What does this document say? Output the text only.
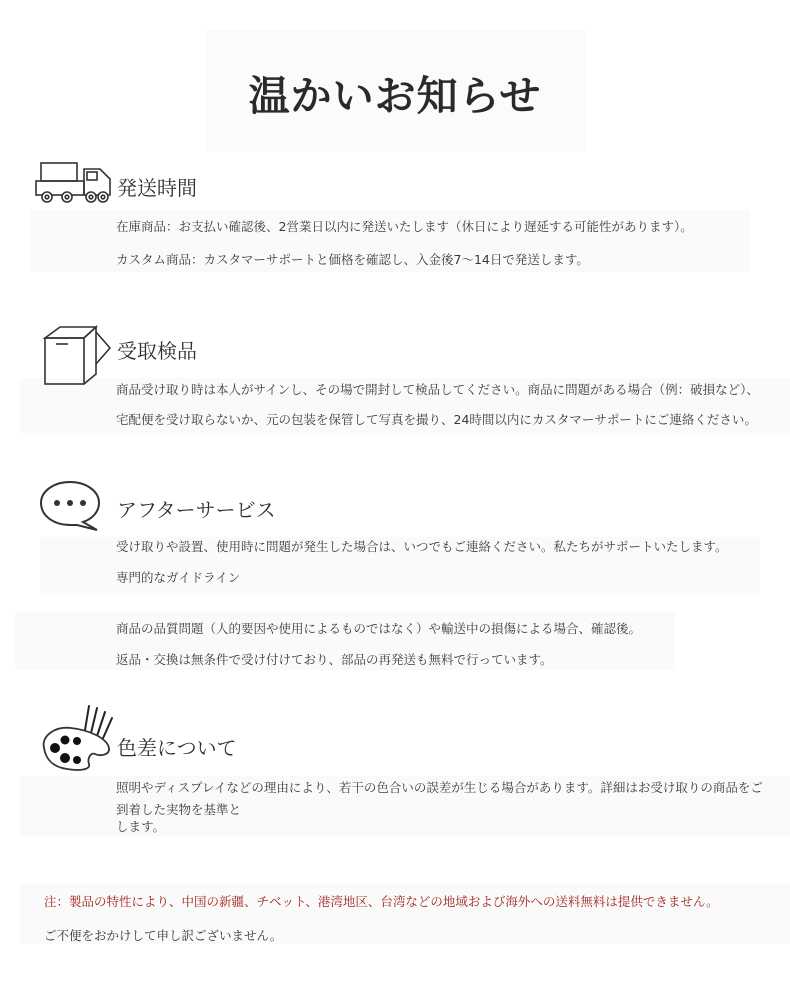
温かいお知らせ
発送時間
在庫商品：お支払い確認後、2営業日以内に発送いたします（休日により遅延する可能性があります）。
カスタム商品：カスタマーサポートと価格を確認し、入金後7～14日で発送します。
受取検品
商品受け取り時は本人がサインし、その場で開封して検品してください。商品に問題がある場合（例：破損など）、
宅配便を受け取らないか、元の包装を保管して写真を撮り、24時間以内にカスタマーサポートにご連絡ください。
アフターサービス
受け取りや設置、使用時に問題が発生した場合は、いつでもご連絡ください。私たちがサポートいたします。
専門的なガイドライン
商品の品質問題（人的要因や使用によるものではなく）や輸送中の損傷による場合、確認後。
返品・交換は無条件で受け付けており、部品の再発送も無料で行っています。
色差について
照明やディスプレイなどの理由により、若干の色合いの誤差が生じる場合があります。詳細はお受け取りの商品をご
到着した実物を基準と
します。
注：製品の特性により、中国の新疆、チベット、港湾地区、台湾などの地域および海外への送料無料は提供できません。
ご不便をおかけして申し訳ございません。
